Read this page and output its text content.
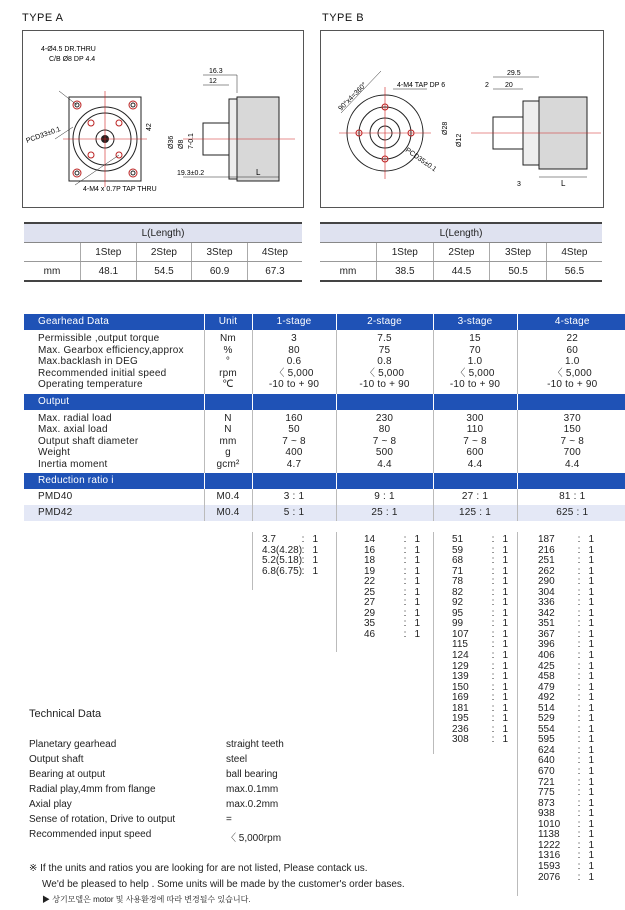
TYPE A
4-Ø4.5 DR.THRU
C/B Ø8 DP 4.4
PCD33±0.1
4-M4 x 0.7P TAP THRU
16.3
12
19.3±0.2	L
42
Ø36 Ø8 7-0.1
TYPE B
90°x4=360°	4-M4 TAP DP 6
PCD35±0.1
29.5
2 20
Ø28
Ø12
3	L
L(Length)				
	1Step	2Step	3Step	4Step
mm	48.1	54.5	60.9	67.3
L(Length)				
	1Step	2Step	3Step	4Step
mm	38.5	44.5	50.5	56.5
Gearhead Data	Unit	1-stage	2-stage	3-stage	4-stage
Permissible ,output torque	Nm	3	7.5	15	22
Max. Gearbox efficiency,approx	%	80	75	70	60
Max.backlash in DEG	°	0.6	0.8	1.0	1.0
Recommended initial speed	rpm	〈 5,000	〈 5,000	〈 5,000	〈 5,000
Operating temperature	℃	-10 to + 90	-10 to + 90	-10 to + 90	-10 to + 90
Output					
Max. radial load	N	160	230	300	370
Max. axial load	N	50	80	110	150
Output shaft diameter	mm	7 ~ 8	7 ~ 8	7 ~ 8	7 ~ 8
Weight	g	400	500	600	700
Inertia moment	gcm²	4.7	4.4	4.4	4.4
Reduction ratio i					
PMD40	M0.4	3 : 1	9 : 1	27 : 1	81 : 1
PMD42	M0.4	5 : 1	25 : 1	125 : 1	625 : 1
3.7	: 1
4.3(4.28): 1
5.2(5.18): 1
6.8(6.75): 1
14	: 1
16	: 1
18	: 1
19	: 1
22	: 1
25	: 1
27	: 1
29	: 1
35	: 1
46	: 1
51	: 1
59	: 1
68	: 1
71	: 1
78	: 1
82	: 1
92	: 1
95	: 1
99	: 1
107 : 1
115 : 1
124 : 1
129 : 1
139 : 1
150 : 1
169 : 1
181 : 1
195 : 1
236 : 1
308 : 1
187 : 1
216 : 1
251 : 1
262 : 1
290 : 1
304 : 1
336 : 1
342 : 1
351 : 1
367 : 1
396 : 1
406 : 1
425 : 1
458 : 1
479 : 1
492 : 1
514 : 1
529 : 1
554 : 1
595 : 1
624 : 1
640 : 1
670 : 1
721 : 1
775 : 1
873 : 1
938 : 1
1010 : 1
1138 : 1
1222 : 1
1316 : 1
1593 : 1
2076 : 1
Technical Data
Planetary gearhead	straight teeth
Output shaft	steel
Bearing at output	ball bearing
Radial play,4mm from flange	max.0.1mm
Axial play	max.0.2mm
Sense of rotation, Drive to output	=
Recommended input speed	〈 5,000rpm
※ If the units and ratios you are looking for are not listed, Please contack us.
We'd be pleased to help . Some units will be made by the customer's order bases.
▶ 상기모델은 motor 및 사용환경에 따라 변경될수 있습니다.
